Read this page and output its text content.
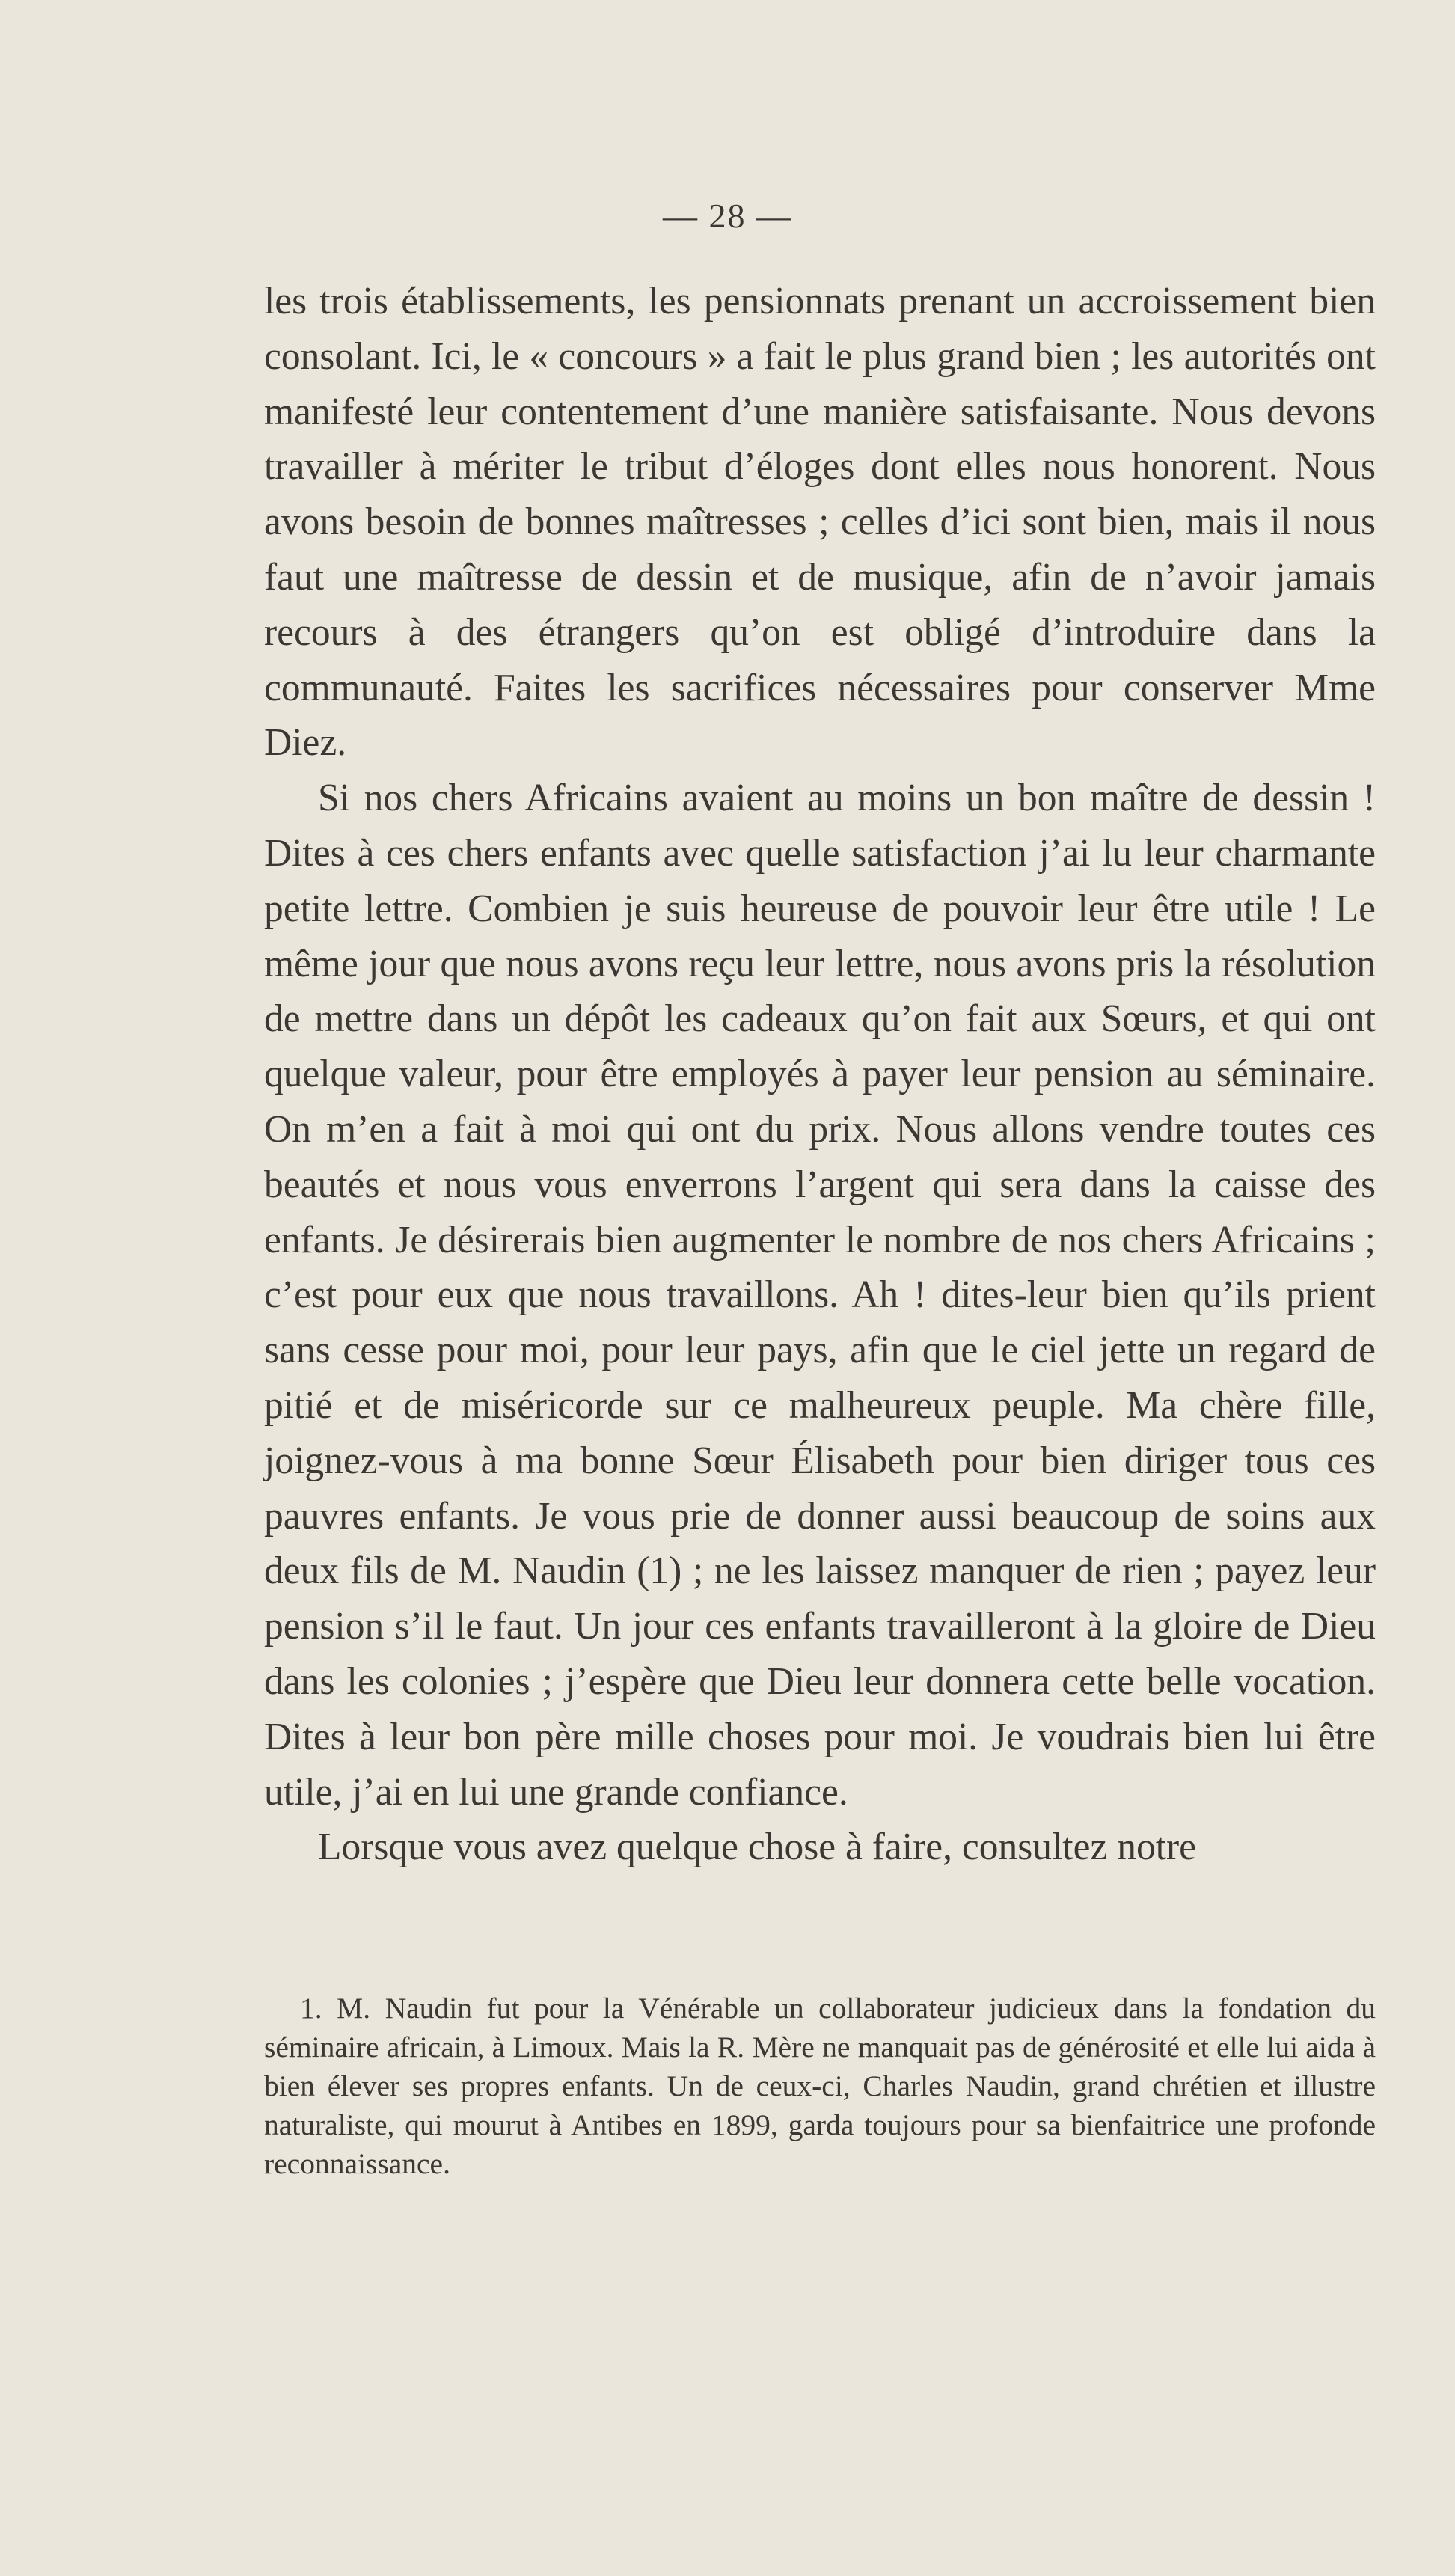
— 28 —

les trois établissements, les pensionnats prenant un accroissement bien consolant. Ici, le « concours » a fait le plus grand bien ; les autorités ont manifesté leur contentement d’une manière satisfaisante. Nous devons travailler à mériter le tribut d’éloges dont elles nous honorent. Nous avons besoin de bonnes maîtresses ; celles d’ici sont bien, mais il nous faut une maîtresse de dessin et de musique, afin de n’avoir jamais recours à des étrangers qu’on est obligé d’introduire dans la communauté. Faites les sacrifices nécessaires pour conserver Mme Diez.

Si nos chers Africains avaient au moins un bon maître de dessin ! Dites à ces chers enfants avec quelle satisfaction j’ai lu leur charmante petite lettre. Combien je suis heureuse de pouvoir leur être utile ! Le même jour que nous avons reçu leur lettre, nous avons pris la résolution de mettre dans un dépôt les cadeaux qu’on fait aux Sœurs, et qui ont quelque valeur, pour être employés à payer leur pension au séminaire. On m’en a fait à moi qui ont du prix. Nous allons vendre toutes ces beautés et nous vous enverrons l’argent qui sera dans la caisse des enfants. Je désirerais bien augmenter le nombre de nos chers Africains ; c’est pour eux que nous travaillons. Ah ! dites-leur bien qu’ils prient sans cesse pour moi, pour leur pays, afin que le ciel jette un regard de pitié et de miséricorde sur ce malheureux peuple. Ma chère fille, joignez-vous à ma bonne Sœur Élisabeth pour bien diriger tous ces pauvres enfants. Je vous prie de donner aussi beaucoup de soins aux deux fils de M. Naudin (1) ; ne les laissez manquer de rien ; payez leur pension s’il le faut. Un jour ces enfants travailleront à la gloire de Dieu dans les colonies ; j’espère que Dieu leur donnera cette belle vocation. Dites à leur bon père mille choses pour moi. Je voudrais bien lui être utile, j’ai en lui une grande confiance.

Lorsque vous avez quelque chose à faire, consultez notre

1. M. Naudin fut pour la Vénérable un collaborateur judicieux dans la fondation du séminaire africain, à Limoux. Mais la R. Mère ne manquait pas de générosité et elle lui aida à bien élever ses propres enfants. Un de ceux-ci, Charles Naudin, grand chrétien et illustre naturaliste, qui mourut à Antibes en 1899, garda toujours pour sa bienfaitrice une profonde reconnaissance.
